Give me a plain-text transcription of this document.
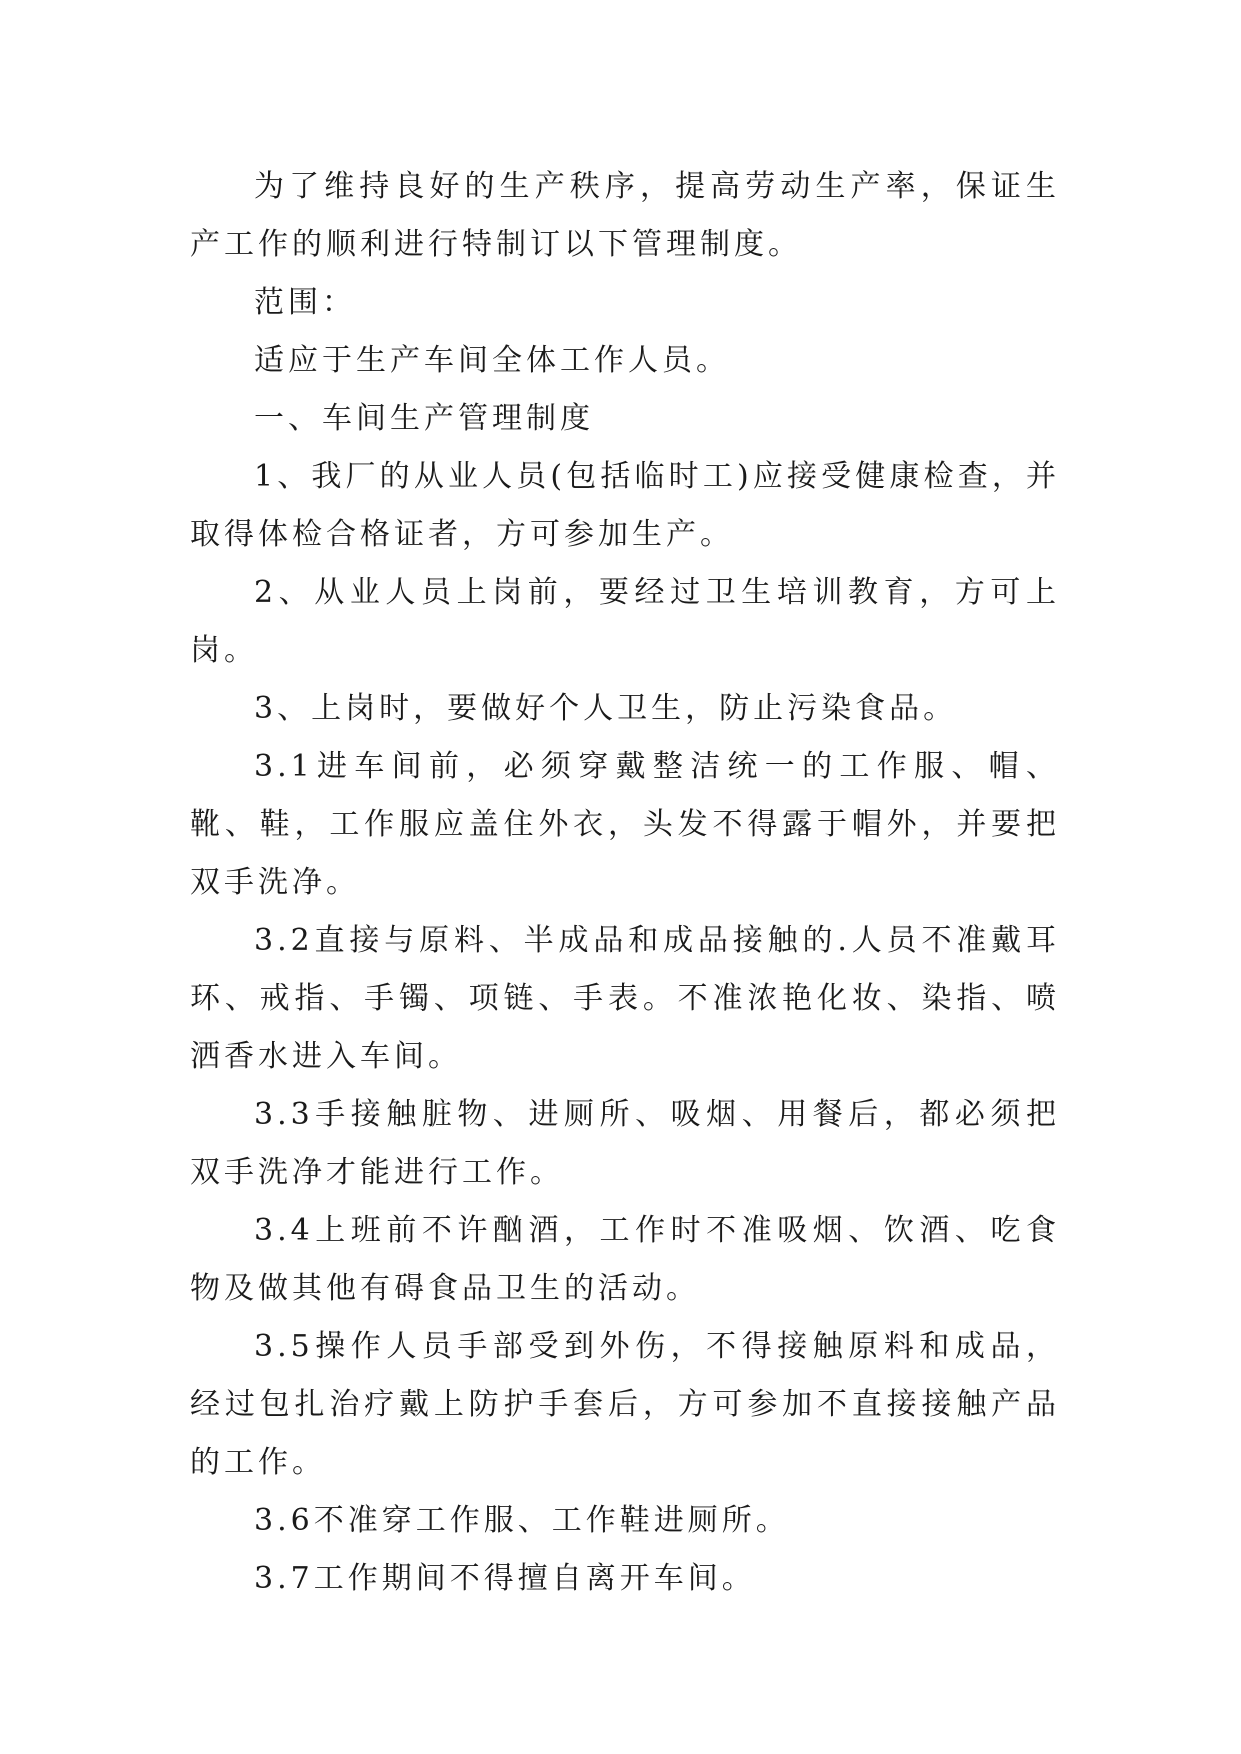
为了维持良好的生产秩序，提高劳动生产率，保证生产工作的顺利进行特制订以下管理制度。

范围：

适应于生产车间全体工作人员。

一、车间生产管理制度

1、我厂的从业人员(包括临时工)应接受健康检查，并取得体检合格证者，方可参加生产。

2、从业人员上岗前，要经过卫生培训教育，方可上岗。

3、上岗时，要做好个人卫生，防止污染食品。

3.1进车间前，必须穿戴整洁统一的工作服、帽、靴、鞋，工作服应盖住外衣，头发不得露于帽外，并要把双手洗净。

3.2直接与原料、半成品和成品接触的.人员不准戴耳环、戒指、手镯、项链、手表。不准浓艳化妆、染指、喷洒香水进入车间。

3.3手接触脏物、进厕所、吸烟、用餐后，都必须把双手洗净才能进行工作。

3.4上班前不许酗酒，工作时不准吸烟、饮酒、吃食物及做其他有碍食品卫生的活动。

3.5操作人员手部受到外伤，不得接触原料和成品，经过包扎治疗戴上防护手套后，方可参加不直接接触产品的工作。

3.6不准穿工作服、工作鞋进厕所。

3.7工作期间不得擅自离开车间。
